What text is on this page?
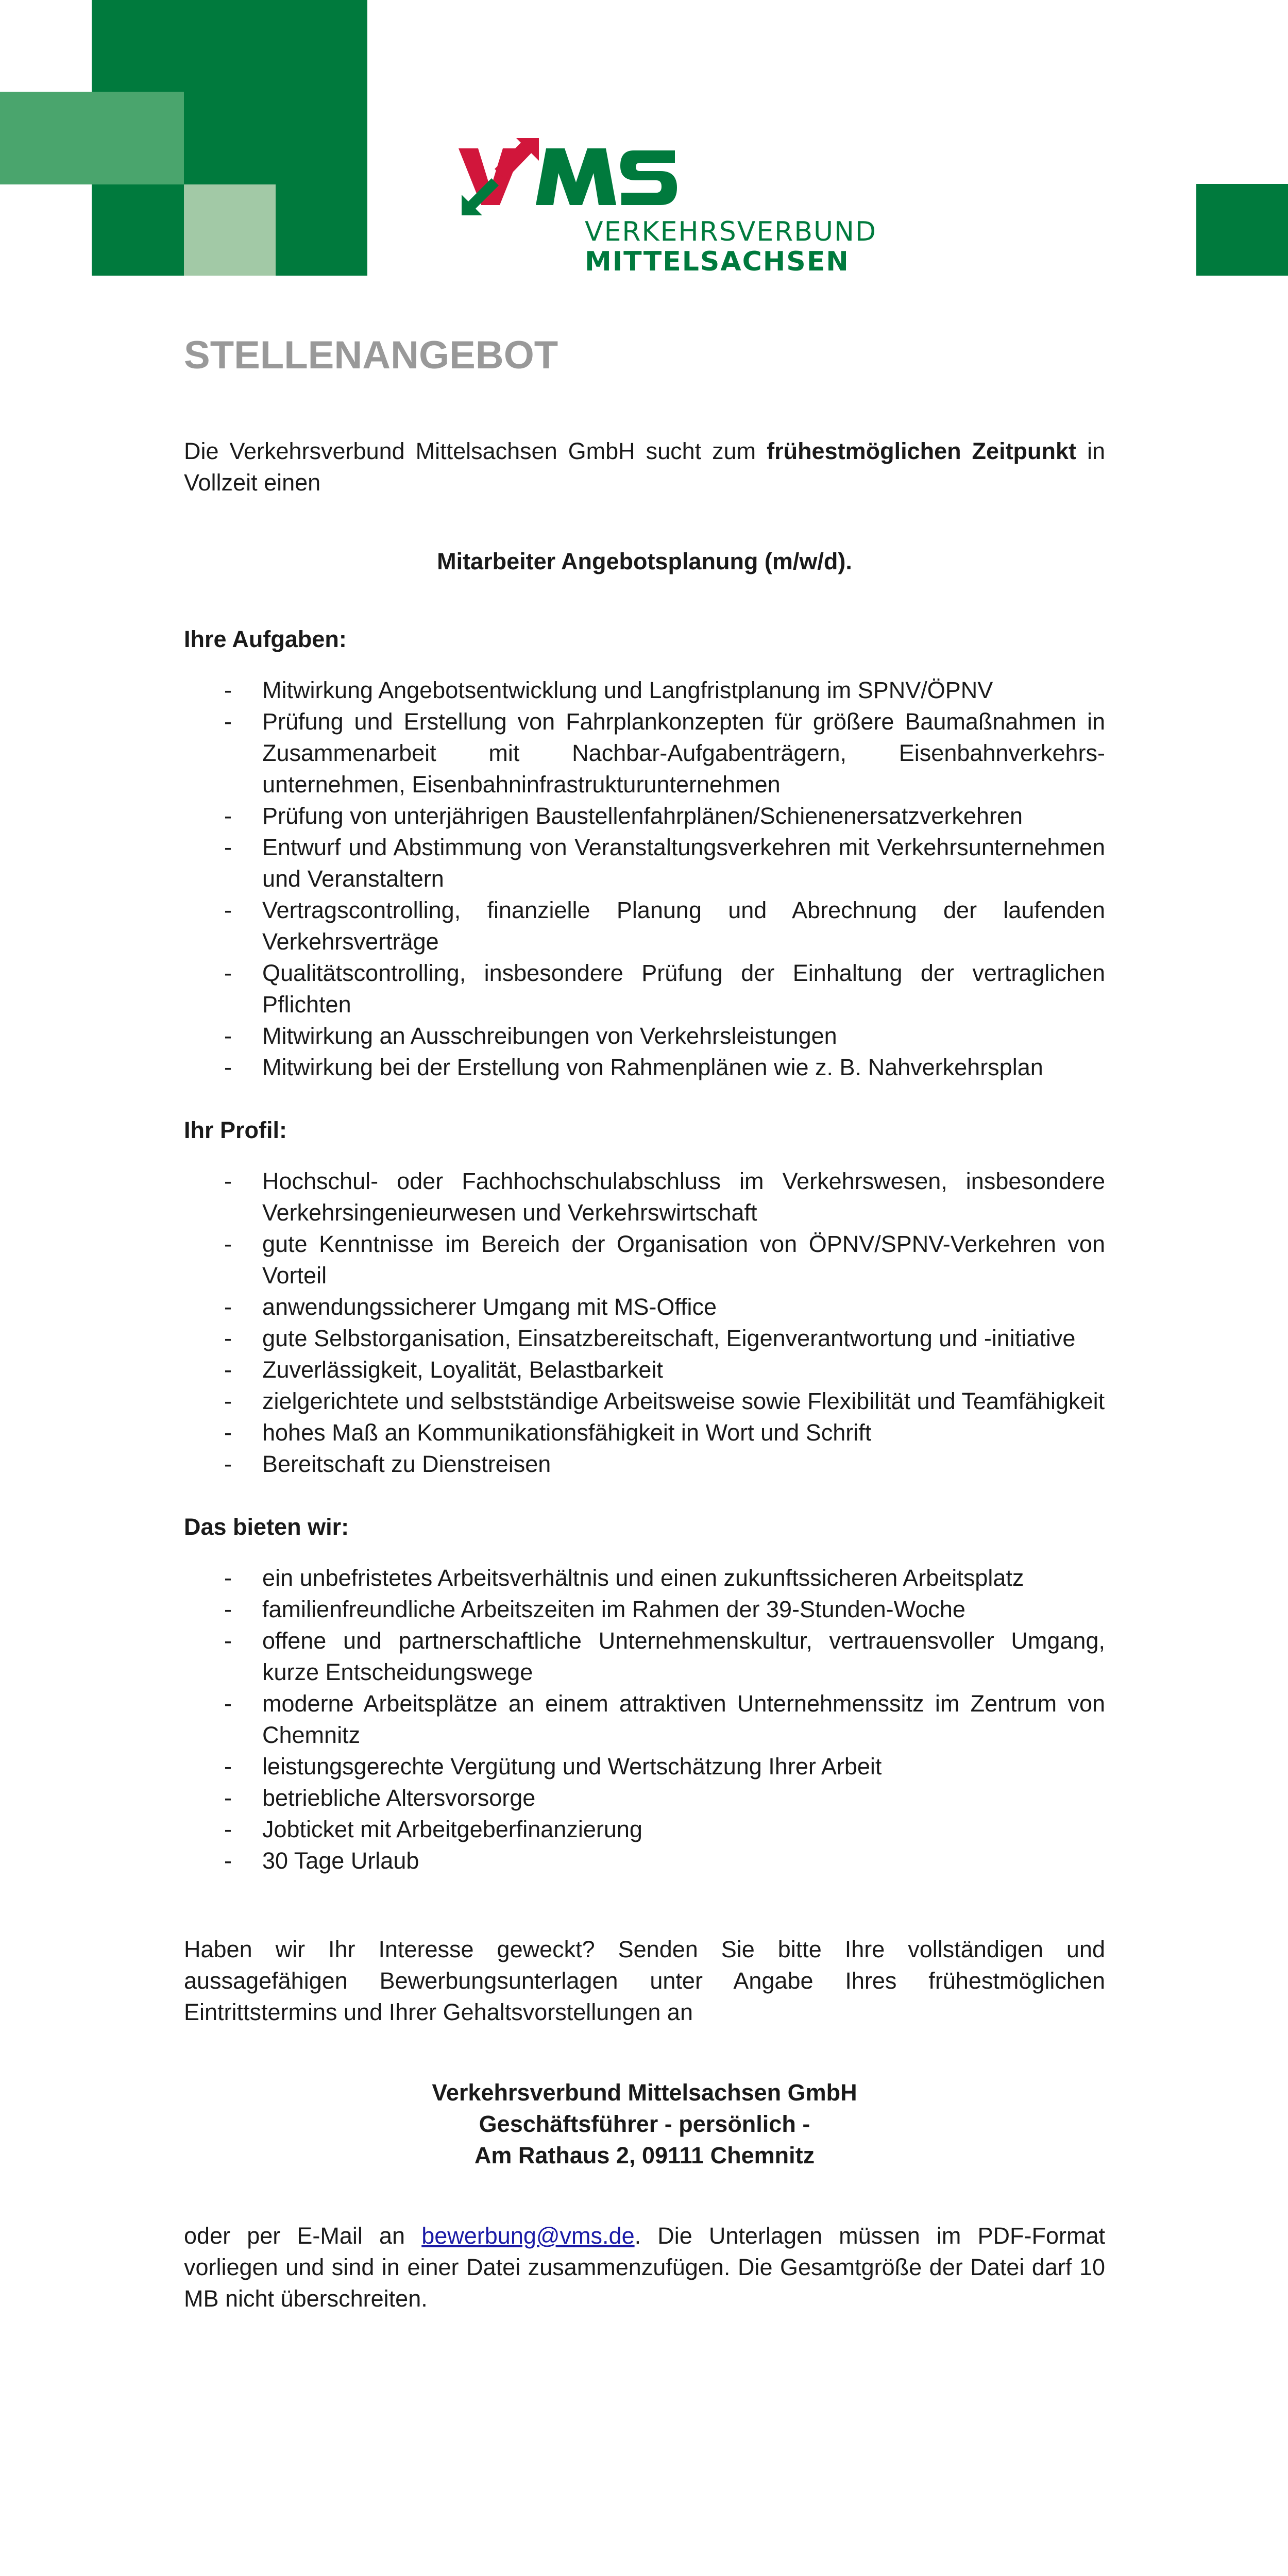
VERKEHRSVERBUND
MITTELSACHSEN
STELLENANGEBOT

Die Verkehrsverbund Mittelsachsen GmbH sucht zum frühestmöglichen Zeitpunkt in Vollzeit einen

Mitarbeiter Angebotsplanung (m/w/d).

Ihre Aufgaben:

- Mitwirkung Angebotsentwicklung und Langfristplanung im SPNV/ÖPNV
- Prüfung und Erstellung von Fahrplankonzepten für größere Baumaßnahmen in Zusammenarbeit mit Nachbar-Aufgabenträgern, Eisenbahnverkehrs-unternehmen, Eisenbahninfrastrukturunternehmen
- Prüfung von unterjährigen Baustellenfahrplänen/Schienenersatzverkehren
- Entwurf und Abstimmung von Veranstaltungsverkehren mit Verkehrsunternehmen und Veranstaltern
- Vertragscontrolling, finanzielle Planung und Abrechnung der laufenden Verkehrsverträge
- Qualitätscontrolling, insbesondere Prüfung der Einhaltung der vertraglichen Pflichten
- Mitwirkung an Ausschreibungen von Verkehrsleistungen
- Mitwirkung bei der Erstellung von Rahmenplänen wie z. B. Nahverkehrsplan

Ihr Profil:

- Hochschul- oder Fachhochschulabschluss im Verkehrswesen, insbesondere Verkehrsingenieurwesen und Verkehrswirtschaft
- gute Kenntnisse im Bereich der Organisation von ÖPNV/SPNV-Verkehren von Vorteil
- anwendungssicherer Umgang mit MS-Office
- gute Selbstorganisation, Einsatzbereitschaft, Eigenverantwortung und -initiative
- Zuverlässigkeit, Loyalität, Belastbarkeit
- zielgerichtete und selbstständige Arbeitsweise sowie Flexibilität und Teamfähigkeit
- hohes Maß an Kommunikationsfähigkeit in Wort und Schrift
- Bereitschaft zu Dienstreisen

Das bieten wir:

- ein unbefristetes Arbeitsverhältnis und einen zukunftssicheren Arbeitsplatz
- familienfreundliche Arbeitszeiten im Rahmen der 39-Stunden-Woche
- offene und partnerschaftliche Unternehmenskultur, vertrauensvoller Umgang, kurze Entscheidungswege
- moderne Arbeitsplätze an einem attraktiven Unternehmenssitz im Zentrum von Chemnitz
- leistungsgerechte Vergütung und Wertschätzung Ihrer Arbeit
- betriebliche Altersvorsorge
- Jobticket mit Arbeitgeberfinanzierung
- 30 Tage Urlaub

Haben wir Ihr Interesse geweckt? Senden Sie bitte Ihre vollständigen und aussagefähigen Bewerbungsunterlagen unter Angabe Ihres frühestmöglichen Eintrittstermins und Ihrer Gehaltsvorstellungen an

Verkehrsverbund Mittelsachsen GmbH

Geschäftsführer - persönlich -

Am Rathaus 2, 09111 Chemnitz

oder per E-Mail an bewerbung@vms.de. Die Unterlagen müssen im PDF-Format vorliegen und sind in einer Datei zusammenzufügen. Die Gesamtgröße der Datei darf 10 MB nicht überschreiten.
